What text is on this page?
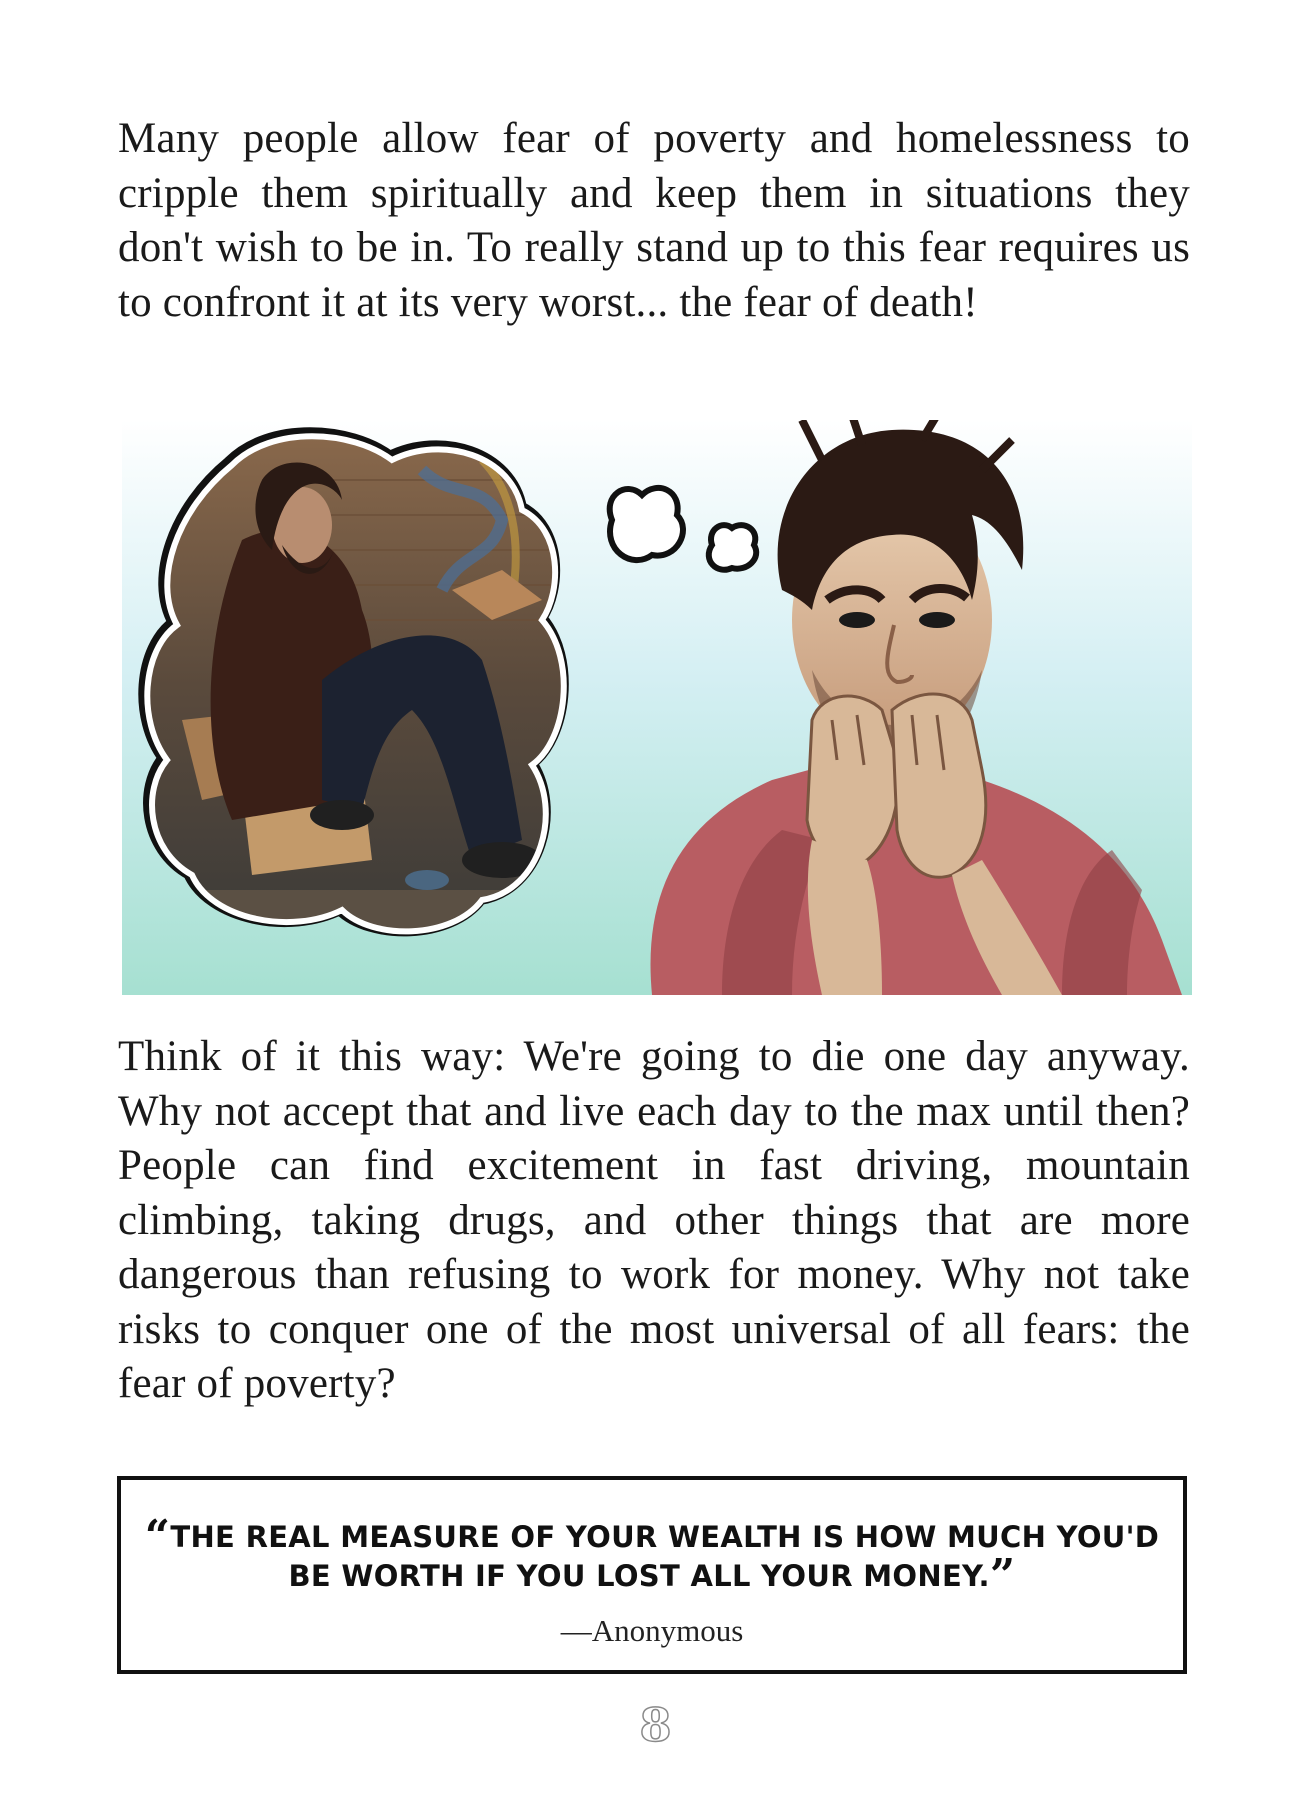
Many people allow fear of poverty and homelessness to cripple them spiritually and keep them in situations they don't wish to be in. To really stand up to this fear requires us to confront it at its very worst... the fear of death!

Think of it this way: We're going to die one day anyway. Why not accept that and live each day to the max until then? People can find excitement in fast driving, mountain climbing, taking drugs, and other things that are more dangerous than refusing to work for money. Why not take risks to conquer one of the most universal of all fears: the fear of poverty?

“THE REAL MEASURE OF YOUR WEALTH IS HOW MUCH YOU'D BE WORTH IF YOU LOST ALL YOUR MONEY.”
—Anonymous
8
